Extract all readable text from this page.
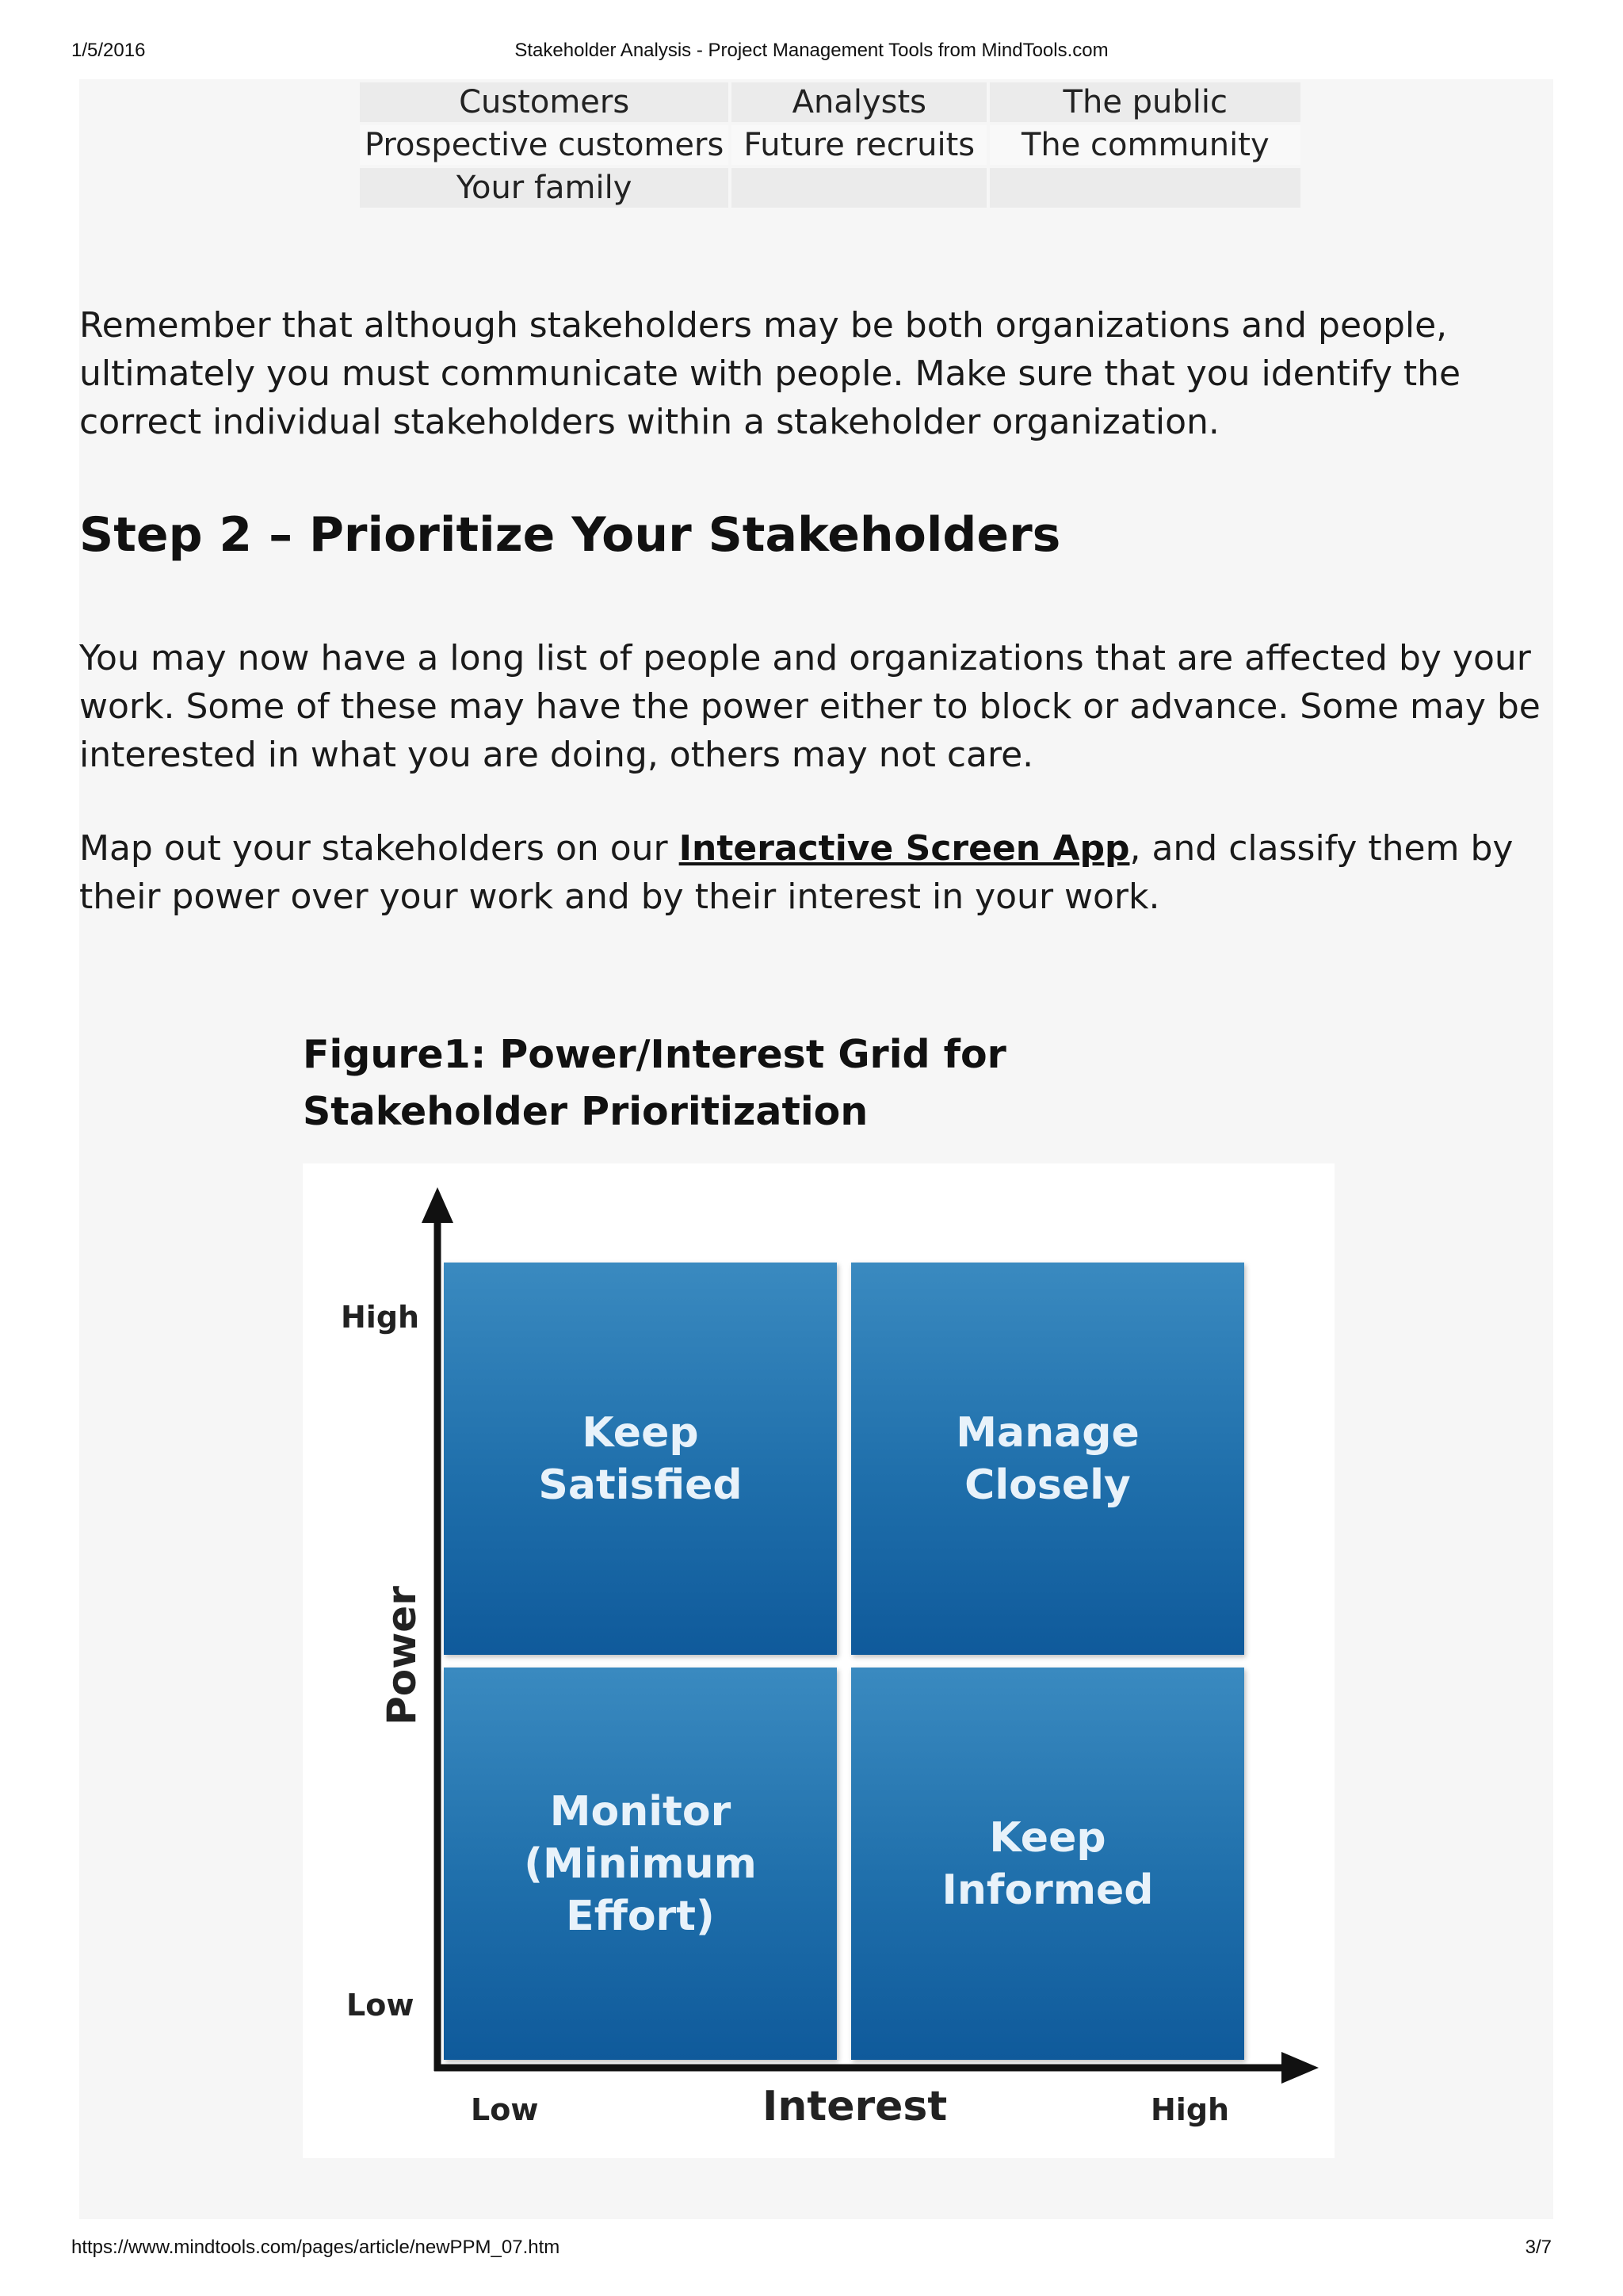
1/5/2016	Stakeholder Analysis - Project Management Tools from MindTools.com
Customers	Analysts	The public
Prospective customers	Future recruits	The community
Your family		

Remember that although stakeholders may be both organizations and people, ultimately you must communicate with people. Make sure that you identify the correct individual stakeholders within a stakeholder organization.

Step 2 – Prioritize Your Stakeholders

You may now have a long list of people and organizations that are affected by your work. Some of these may have the power either to block or advance. Some may be interested in what you are doing, others may not care.

Map out your stakeholders on our Interactive Screen App, and classify them by their power over your work and by their interest in your work.

Figure1: Power/Interest Grid for Stakeholder Prioritization
Keep
Satisfied
Manage
Closely
Monitor
(Minimum Effort)
Keep
Informed
High
Low
Power
Low	Interest	High
https://www.mindtools.com/pages/article/newPPM_07.htm	3/7
